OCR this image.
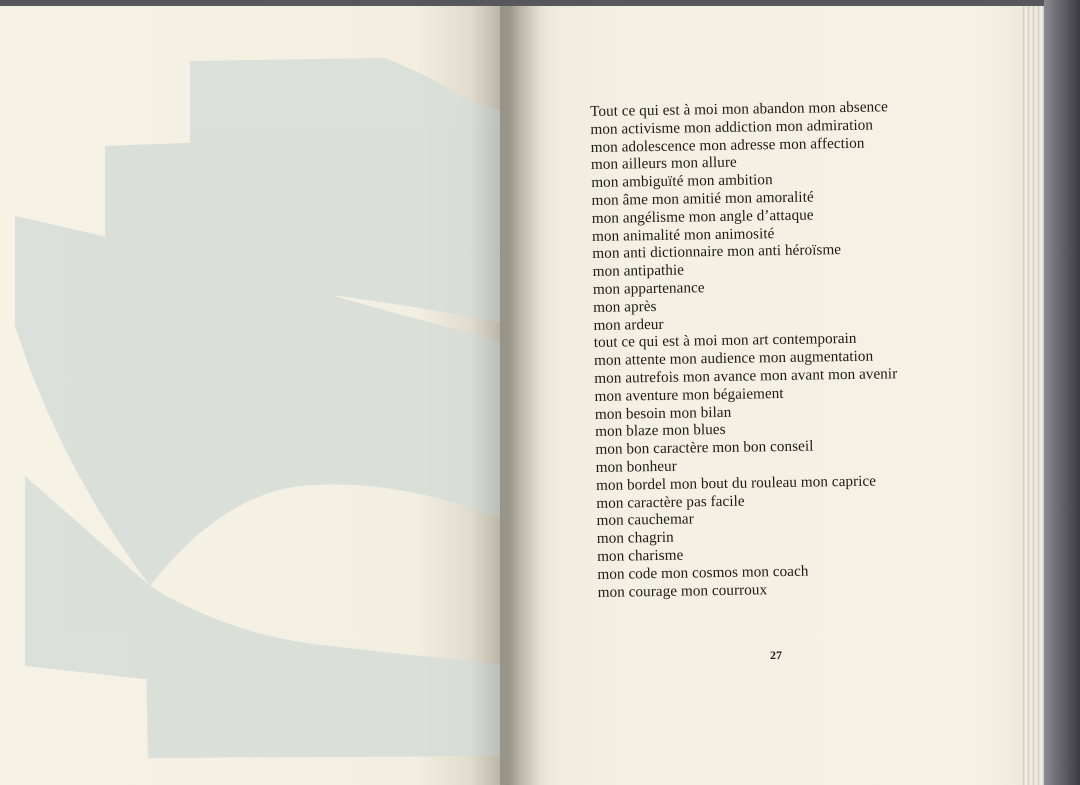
Tout ce qui est à moi mon abandon mon absence
mon activisme mon addiction mon admiration
mon adolescence mon adresse mon affection
mon ailleurs mon allure
mon ambiguïté mon ambition
mon âme mon amitié mon amoralité
mon angélisme mon angle d’attaque
mon animalité mon animosité
mon anti dictionnaire mon anti héroïsme
mon antipathie
mon appartenance
mon après
mon ardeur
tout ce qui est à moi mon art contemporain
mon attente mon audience mon augmentation
mon autrefois mon avance mon avant mon avenir
mon aventure mon bégaiement
mon besoin mon bilan
mon blaze mon blues
mon bon caractère mon bon conseil
mon bonheur
mon bordel mon bout du rouleau mon caprice
mon caractère pas facile
mon cauchemar
mon chagrin
mon charisme
mon code mon cosmos mon coach
mon courage mon courroux
27
